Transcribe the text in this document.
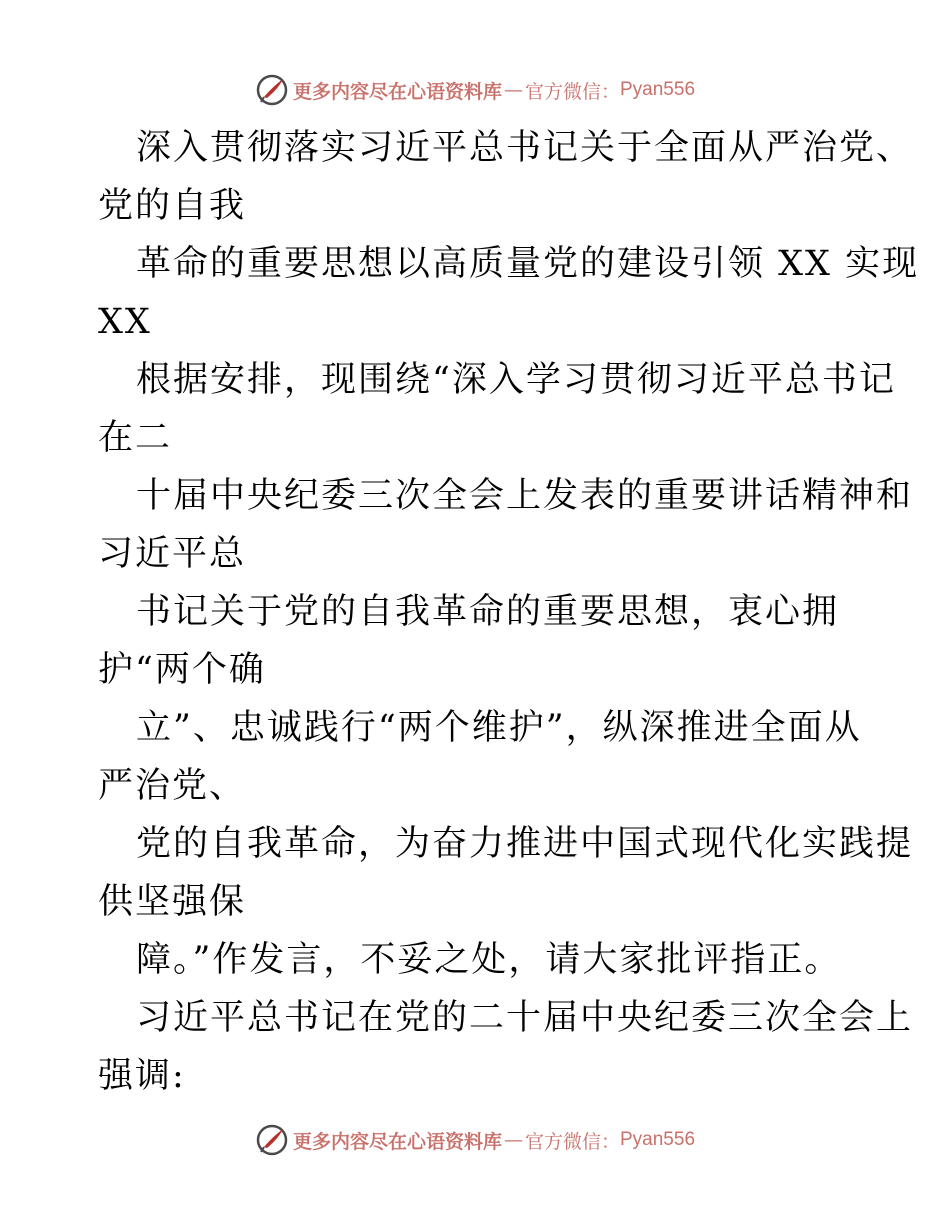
更多内容尽在心语资料库 — 官方微信： Pyan556
深入贯彻落实习近平总书记关于全面从严治党、
党的自我
革命的重要思想以高质量党的建设引领 XX 实现
XX
根据安排，现围绕“深入学习贯彻习近平总书记
在二
十届中央纪委三次全会上发表的重要讲话精神和
习近平总
书记关于党的自我革命的重要思想，衷心拥
护“两个确
立”、忠诚践行“两个维护”，纵深推进全面从
严治党、
党的自我革命，为奋力推进中国式现代化实践提
供坚强保
障。”作发言，不妥之处，请大家批评指正。
习近平总书记在党的二十届中央纪委三次全会上
强调:
更多内容尽在心语资料库 — 官方微信： Pyan556
